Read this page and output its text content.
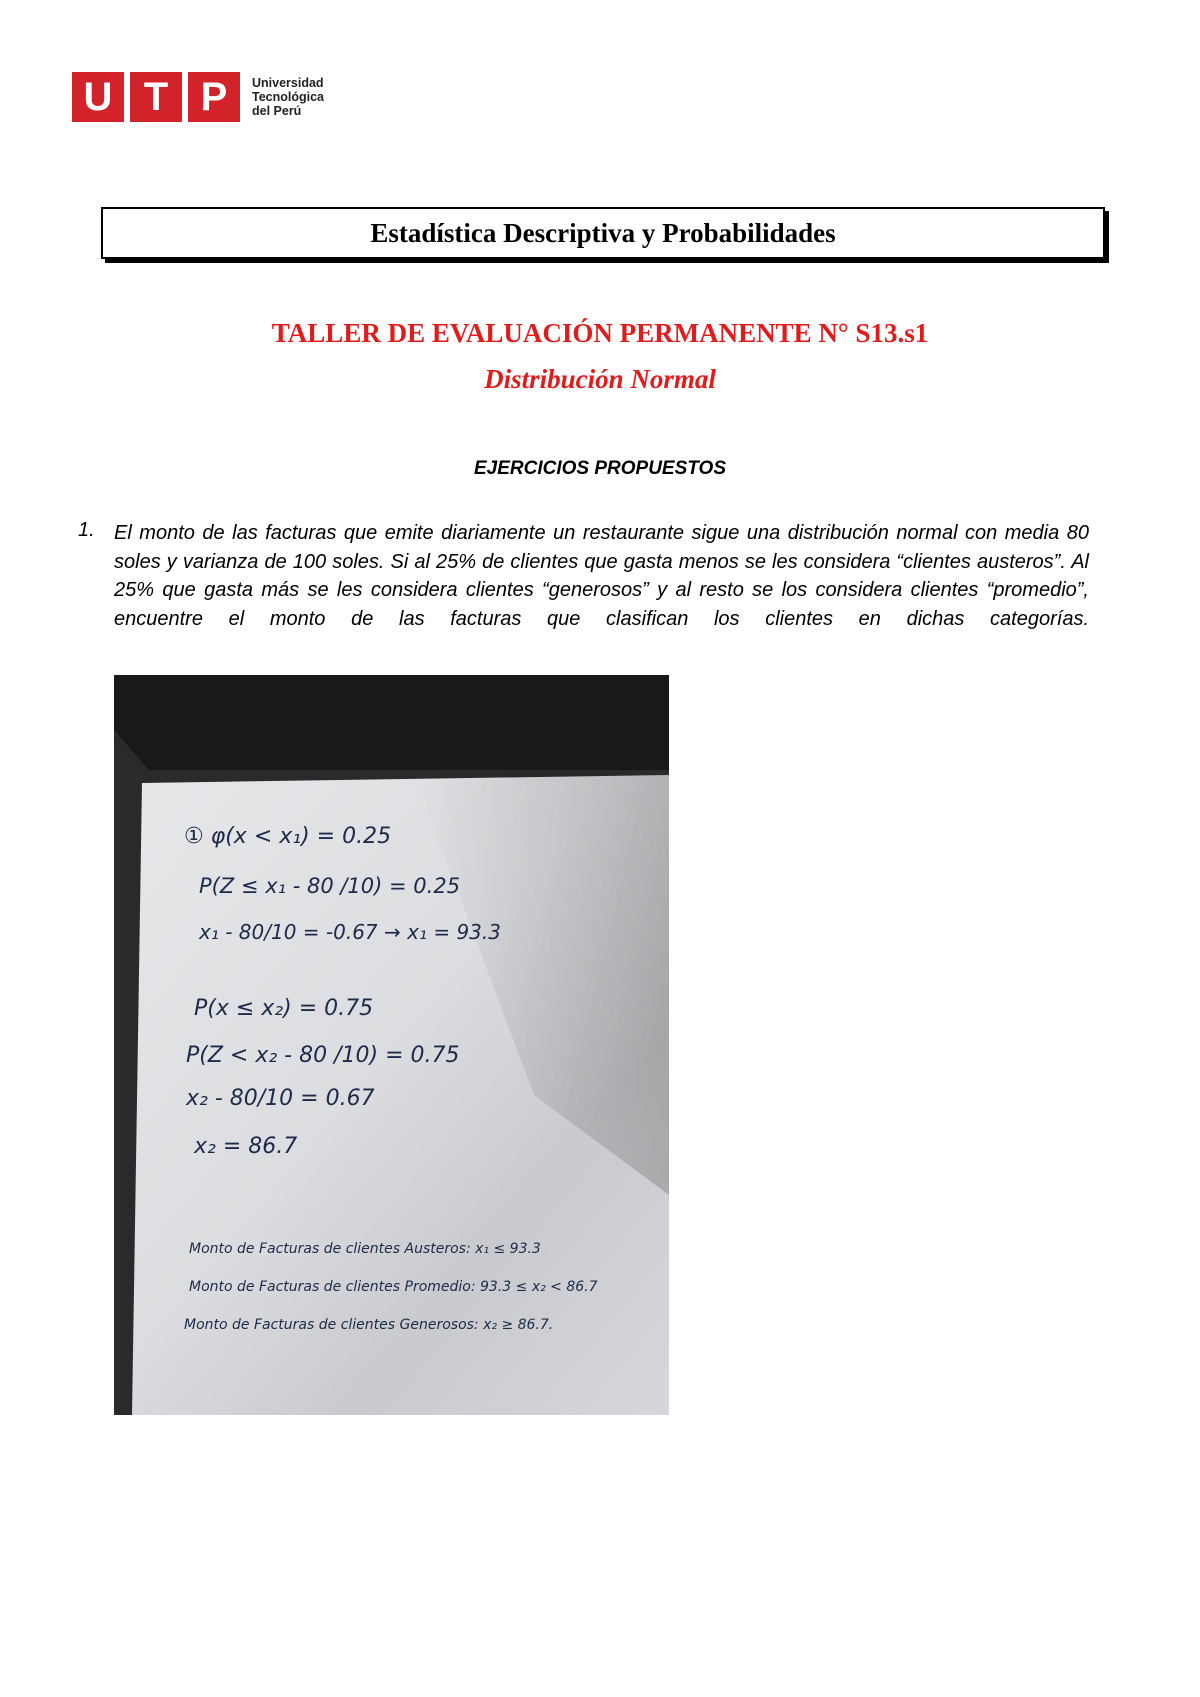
U T P	Universidad
Tecnológica
del Perú
Estadística Descriptiva y Probabilidades
TALLER DE EVALUACIÓN PERMANENTE N° S13.s1
Distribución Normal
EJERCICIOS PROPUESTOS
1. El monto de las facturas que emite diariamente un restaurante sigue una distribución normal con media 80 soles y varianza de 100 soles. Si al 25% de clientes que gasta menos se les considera “clientes austeros”. Al 25% que gasta más se les considera clientes “generosos” y al resto se los considera clientes “promedio”, encuentre el monto de las facturas que clasifican los clientes en dichas categorías.
① φ(x < x₁) = 0.25
P(Z ≤ x₁ - 80 /10) = 0.25
x₁ - 80/10 = -0.67 → x₁ = 93.3
P(x ≤ x₂) = 0.75
P(Z < x₂ - 80 /10) = 0.75
x₂ - 80/10 = 0.67
x₂ = 86.7
Monto de Facturas de clientes Austeros: x₁ ≤ 93.3
Monto de Facturas de clientes Promedio: 93.3 ≤ x₂ < 86.7
Monto de Facturas de clientes Generosos: x₂ ≥ 86.7.
